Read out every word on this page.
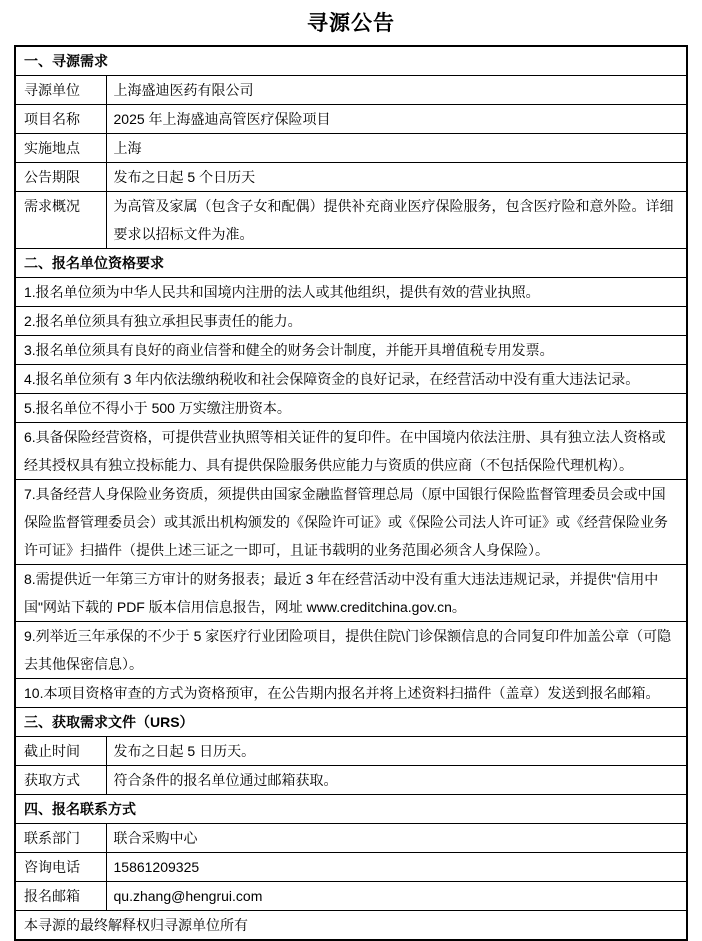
寻源公告
一、寻源需求	
寻源单位	上海盛迪医药有限公司
项目名称	2025 年上海盛迪高管医疗保险项目
实施地点	上海
公告期限	发布之日起 5 个日历天
需求概况	为高管及家属（包含子女和配偶）提供补充商业医疗保险服务，包含医疗险和意外险。详细要求以招标文件为准。
二、报名单位资格要求	
1.报名单位须为中华人民共和国境内注册的法人或其他组织，提供有效的营业执照。	
2.报名单位须具有独立承担民事责任的能力。	
3.报名单位须具有良好的商业信誉和健全的财务会计制度，并能开具增值税专用发票。	
4.报名单位须有 3 年内依法缴纳税收和社会保障资金的良好记录，在经营活动中没有重大违法记录。	
5.报名单位不得小于 500 万实缴注册资本。	
6.具备保险经营资格，可提供营业执照等相关证件的复印件。在中国境内依法注册、具有独立法人资格或经其授权具有独立投标能力、具有提供保险服务供应能力与资质的供应商（不包括保险代理机构）。	
7.具备经营人身保险业务资质，须提供由国家金融监督管理总局（原中国银行保险监督管理委员会或中国保险监督管理委员会）或其派出机构颁发的《保险许可证》或《保险公司法人许可证》或《经营保险业务许可证》扫描件（提供上述三证之一即可，且证书载明的业务范围必须含人身保险）。	
8.需提供近一年第三方审计的财务报表；最近 3 年在经营活动中没有重大违法违规记录，并提供"信用中国"网站下载的 PDF 版本信用信息报告，网址 www.creditchina.gov.cn。	
9.列举近三年承保的不少于 5 家医疗行业团险项目，提供住院\门诊保额信息的合同复印件加盖公章（可隐去其他保密信息）。	
10.本项目资格审查的方式为资格预审，在公告期内报名并将上述资料扫描件（盖章）发送到报名邮箱。	
三、获取需求文件（URS）	
截止时间	发布之日起 5 日历天。
获取方式	符合条件的报名单位通过邮箱获取。
四、报名联系方式	
联系部门	联合采购中心
咨询电话	15861209325
报名邮箱	qu.zhang@hengrui.com
本寻源的最终解释权归寻源单位所有	
